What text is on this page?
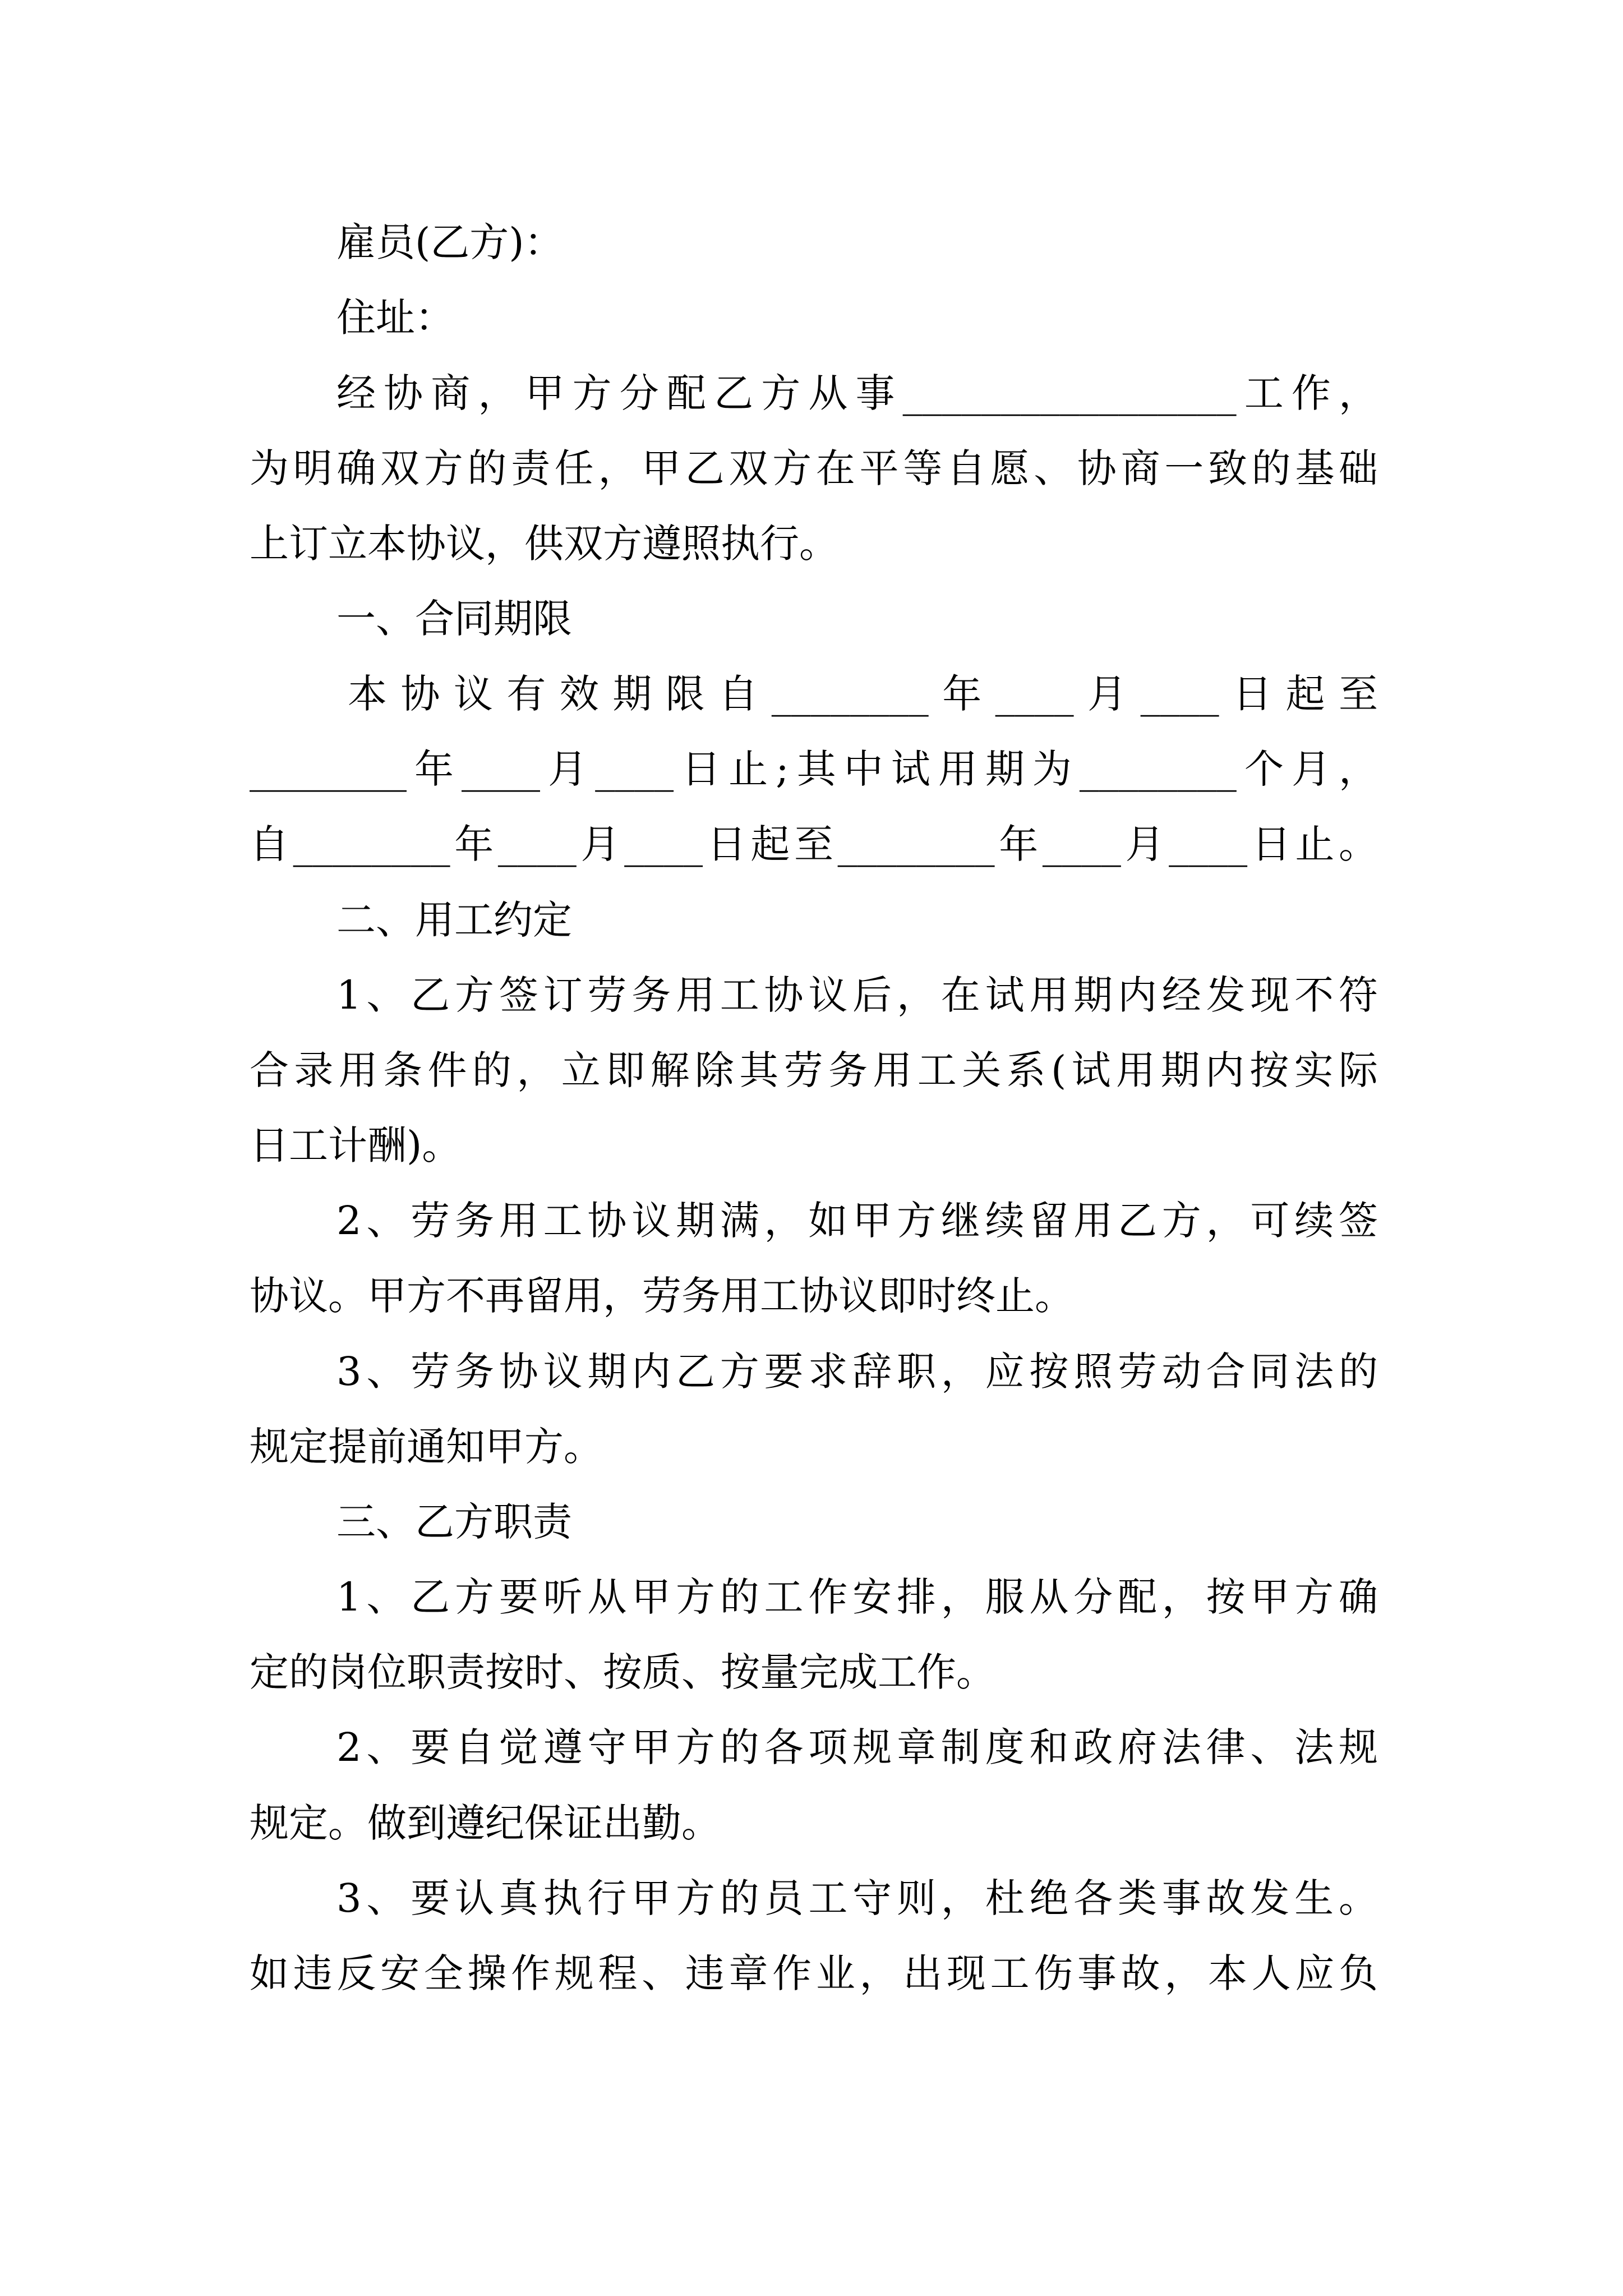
雇员(乙方)：
住址：
经协商，甲方分配乙方从事_________________工作，
为明确双方的责任，甲乙双方在平等自愿、协商一致的基础
上订立本协议，供双方遵照执行。
一、合同期限
本协议有效期限自________年____月____日起至
________年____月____日止;其中试用期为________个月，
自________年____月____日起至________年____月____日止。
二、用工约定
1、乙方签订劳务用工协议后，在试用期内经发现不符
合录用条件的，立即解除其劳务用工关系(试用期内按实际
日工计酬)。
2、劳务用工协议期满，如甲方继续留用乙方，可续签
协议。甲方不再留用，劳务用工协议即时终止。
3、劳务协议期内乙方要求辞职，应按照劳动合同法的
规定提前通知甲方。
三、乙方职责
1、乙方要听从甲方的工作安排，服从分配，按甲方确
定的岗位职责按时、按质、按量完成工作。
2、要自觉遵守甲方的各项规章制度和政府法律、法规
规定。做到遵纪保证出勤。
3、要认真执行甲方的员工守则，杜绝各类事故发生。
如违反安全操作规程、违章作业，出现工伤事故，本人应负
